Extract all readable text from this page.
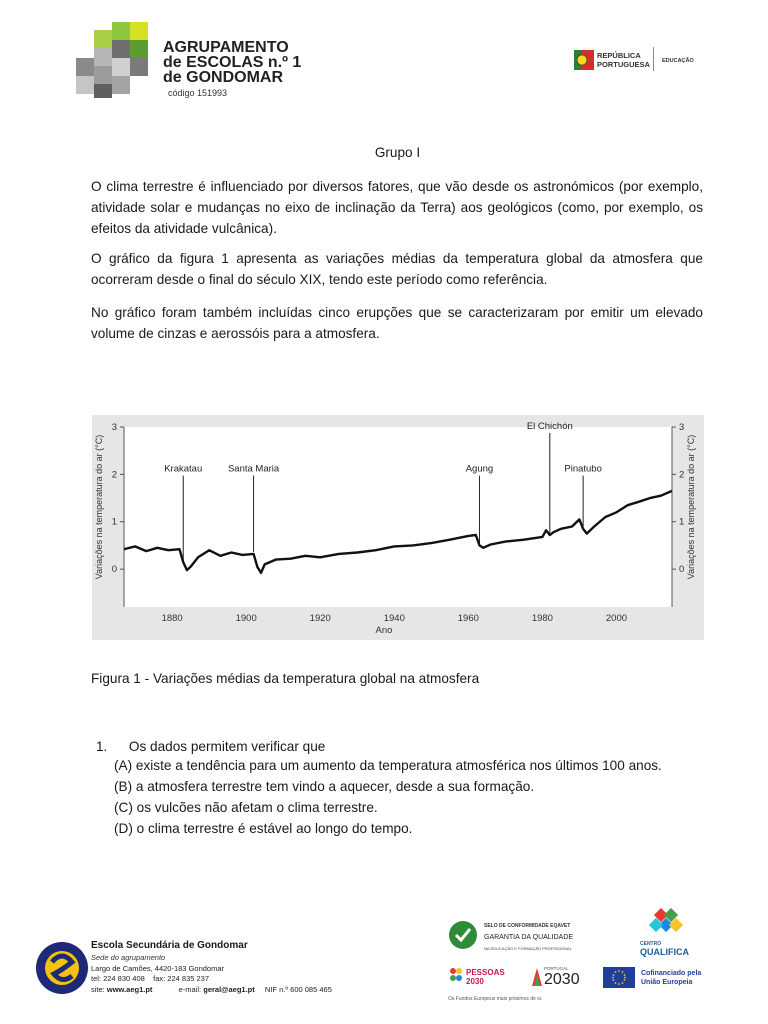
AGRUPAMENTO
de ESCOLAS n.º 1
de GONDOMAR
código 151993
REPÚBLICA
PORTUGUESA EDUCAÇÃO
Grupo I
O clima terrestre é influenciado por diversos fatores, que vão desde os astronómicos (por exemplo, atividade solar e mudanças no eixo de inclinação da Terra) aos geológicos (como, por exemplo, os efeitos da atividade vulcânica).
O gráfico da figura 1 apresenta as variações médias da temperatura global da atmosfera que ocorreram desde o final do século XIX, tendo este período como referência.
No gráfico foram também incluídas cinco erupções que se caracterizaram por emitir um elevado volume de cinzas e aerossóis para a atmosfera.
0	0
1	1
2	2
3	3
1880	1900	1920	1940	1960	1980	2000
Ano
Variações na temperatura do ar (°C)	Variações na temperatura do ar (°C)
Krakatau	Santa Maria	Agung
El Chichón
Pinatubo
Figura 1 - Variações médias da temperatura global na atmosfera
1. Os dados permitem verificar que
(A) existe a tendência para um aumento da temperatura atmosférica nos últimos 100 anos.
(B) a atmosfera terrestre tem vindo a aquecer, desde a sua formação.
(C) os vulcões não afetam o clima terrestre.
(D) o clima terrestre é estável ao longo do tempo.
Escola Secundária de Gondomar
Sede do agrupamento
Largo de Camões, 4420-183 Gondomar
tel: 224 830 408    fax: 224 835 237
site: www.aeg1.pt	e-mail: geral@aeg1.pt NIF n.º 600 085 465
SELO DE CONFORMIDADE EQAVET
GARANTIA DA QUALIDADE
NA EDUCAÇÃO E FORMAÇÃO PROFISSIONAL
CENTRO
QUALIFICA
PESSOAS
2030
PORTUGAL
2030	Cofinanciado pela
União Europeia
Os Fundos Europeus mais próximos de si.
